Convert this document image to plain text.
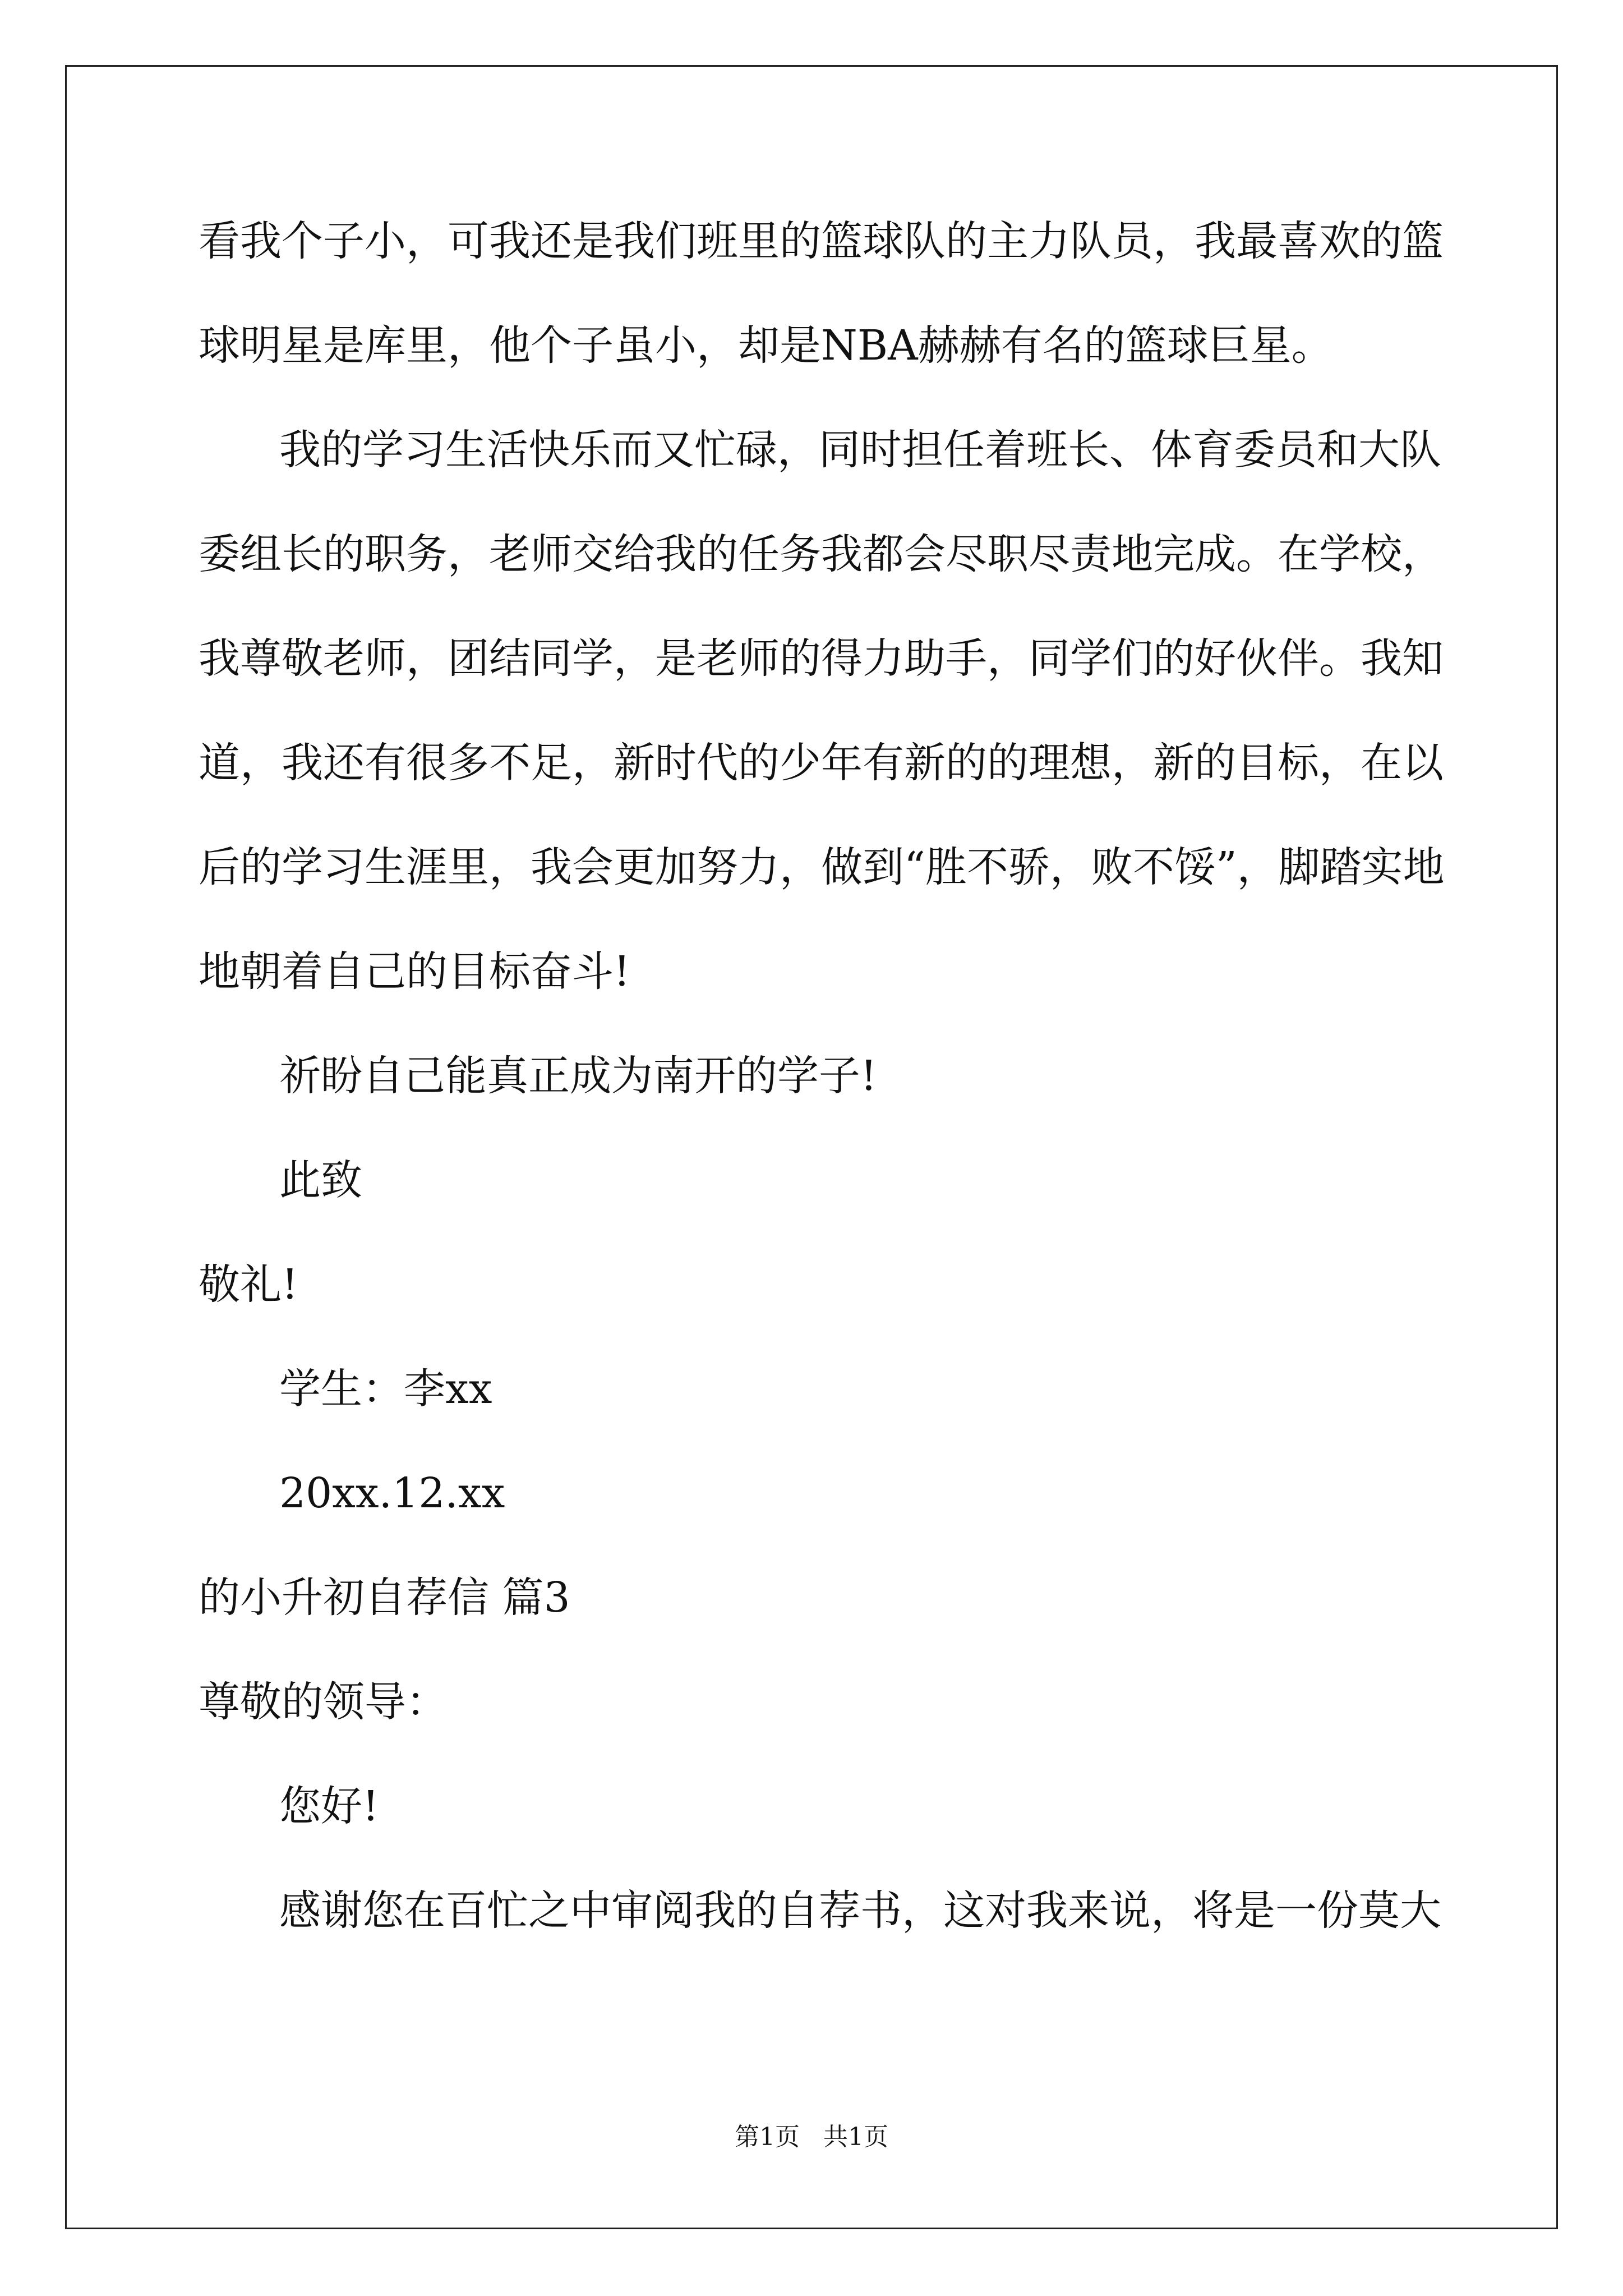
看我个子小，可我还是我们班里的篮球队的主力队员，我最喜欢的篮
球明星是库里，他个子虽小，却是NBA赫赫有名的篮球巨星。
我的学习生活快乐而又忙碌，同时担任着班长、体育委员和大队
委组长的职务，老师交给我的任务我都会尽职尽责地完成。在学校，
我尊敬老师，团结同学，是老师的得力助手，同学们的好伙伴。我知
道，我还有很多不足，新时代的少年有新的的理想，新的目标，在以
后的学习生涯里，我会更加努力，做到“胜不骄，败不馁”，脚踏实地
地朝着自己的目标奋斗!
祈盼自己能真正成为南开的学子!
此致
敬礼!
学生：李xx
20xx.12.xx
的小升初自荐信 篇3
尊敬的领导：
您好!
感谢您在百忙之中审阅我的自荐书，这对我来说，将是一份莫大
第1页 共1页
